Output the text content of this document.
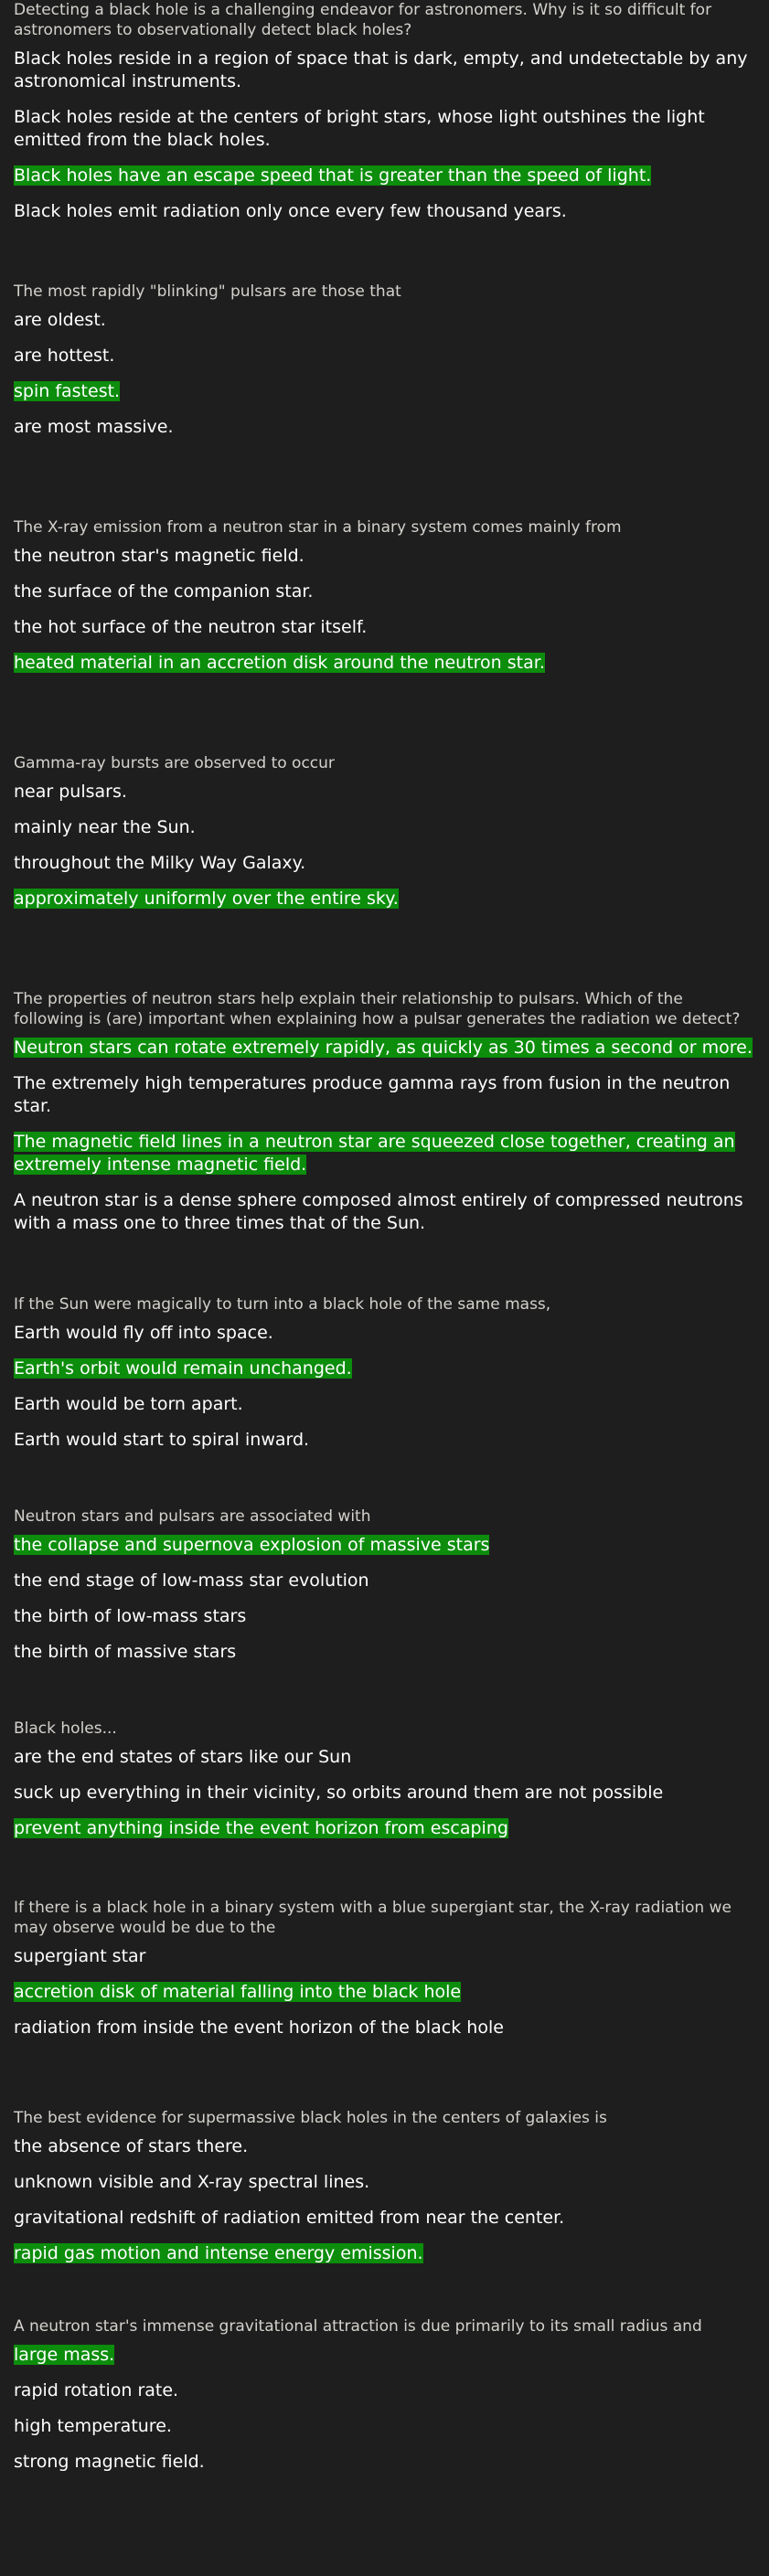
Detecting a black hole is a challenging endeavor for astronomers. Why is it so difficult for astronomers to observationally detect black holes?
Black holes reside in a region of space that is dark, empty, and undetectable by any astronomical instruments.
Black holes reside at the centers of bright stars, whose light outshines the light emitted from the black holes.
Black holes have an escape speed that is greater than the speed of light.
Black holes emit radiation only once every few thousand years.
The most rapidly "blinking" pulsars are those that
are oldest.
are hottest.
spin fastest.
are most massive.
The X-ray emission from a neutron star in a binary system comes mainly from
the neutron star's magnetic field.
the surface of the companion star.
the hot surface of the neutron star itself.
heated material in an accretion disk around the neutron star.
Gamma-ray bursts are observed to occur
near pulsars.
mainly near the Sun.
throughout the Milky Way Galaxy.
approximately uniformly over the entire sky.
The properties of neutron stars help explain their relationship to pulsars. Which of the following is (are) important when explaining how a pulsar generates the radiation we detect?
Neutron stars can rotate extremely rapidly, as quickly as 30 times a second or more.
The extremely high temperatures produce gamma rays from fusion in the neutron star.
The magnetic field lines in a neutron star are squeezed close together, creating an extremely intense magnetic field.
A neutron star is a dense sphere composed almost entirely of compressed neutrons with a mass one to three times that of the Sun.
If the Sun were magically to turn into a black hole of the same mass,
Earth would fly off into space.
Earth's orbit would remain unchanged.
Earth would be torn apart.
Earth would start to spiral inward.
Neutron stars and pulsars are associated with
the collapse and supernova explosion of massive stars
the end stage of low-mass star evolution
the birth of low-mass stars
the birth of massive stars
Black holes...
are the end states of stars like our Sun
suck up everything in their vicinity, so orbits around them are not possible
prevent anything inside the event horizon from escaping
If there is a black hole in a binary system with a blue supergiant star, the X-ray radiation we may observe would be due to the
supergiant star
accretion disk of material falling into the black hole
radiation from inside the event horizon of the black hole
The best evidence for supermassive black holes in the centers of galaxies is
the absence of stars there.
unknown visible and X-ray spectral lines.
gravitational redshift of radiation emitted from near the center.
rapid gas motion and intense energy emission.
A neutron star's immense gravitational attraction is due primarily to its small radius and
large mass.
rapid rotation rate.
high temperature.
strong magnetic field.
